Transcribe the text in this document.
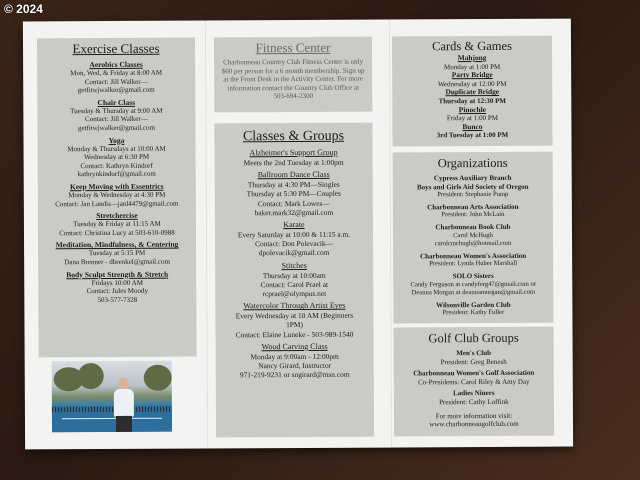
© 2024
Exercise Classes
Aerobics Classes
Mon, Wed, & Friday at 8:00 AM
Contact: Jill Walker—
getfitwjwalker@gmail.com
Chair Class
Tuesday & Thursday at 9:00 AM
Contact: Jill Walker—
getfitwjwalker@gmail.com
Yoga
Monday & Thursdays at 10:00 AM
Wednesday at 6:30 PM
Contact: Kathryn Kindorf
kathrynkindorf@gmail.com
Keep Moving with Essentrics
Monday & Wednesday at 4:30 PM
Contact: Jan Landis—janl4479@gmail.com
Stretchercise
Tuesday & Friday at 11:15 AM
Contact: Christina Lucy at 503-610-0988
Meditation, Mindfulness, & Centering
Tuesday at 5:15 PM
Dana Brenner - dbrenkel@gmail.com
Body Sculpt Strength & Stretch
Fridays 10:00 AM
Contact: Jules Moody
503-577-7328
Fitness Center
Charbonneau Country Club Fitness Center is only $60 per person for a 6 month membership. Sign up at the Front Desk in the Activity Center. For more information contact the Country Club Office at 503-694-2300
Classes & Groups
Alzheimer's Support Group
Meets the 2nd Tuesday at 1:00pm
Ballroom Dance Class
Thursday at 4:30 PM—Singles
Thursday at 5:30 PM—Couples
Contact: Mark Lowes—
baker.mark32@gmail.com
Karate
Every Saturday at 10:00 & 11:15 a.m.
Contact: Don Polevacik—
dpolevacik@gmail.com
Stitches
Thursday at 10:00am
Contact: Carol Prael at
rcprael@olympus.net
Watercolor Through Artist Eyes
Every Wednesday at 10 AM (Beginners
1PM)
Contact: Elaine Luneke - 503-989-1540
Wood Carving Class
Monday at 9:00am - 12:00pm
Nancy Girard, Instructor
971-219-9231 or sngirard@msn.com
Cards & Games
Mahjong
Monday at 1:00 PM
Party Bridge
Wednesday at 12:00 PM
Duplicate Bridge
Thursday at 12:30 PM
Pinochle
Friday at 1:00 PM
Bunco
3rd Tuesday at 1:00 PM
Organizations
Cypress Auxiliary Branch
Boys and Girls Aid Society of Oregon
President: Stephanie Pump
Charbonneau Arts Association
President: John McLain
Charbonneau Book Club
Carol McHugh
carolcmchugh@hotmail.com
Charbonneau Women's Association
President: Lynda Huber Marshall
SOLO Sisters
Candy Ferguson at candyferg47@gmail.com or
Deanna Morgan at deannamorgan@gmail.com
Wilsonville Garden Club
President: Kathy Fuller
Golf Club Groups
Men's Club
President: Greg Benesh
Charbonneau Women's Golf Association
Co-Presidents: Carol Riley & Amy Day
Ladies Niners
President: Cathy Loffink
For more information visit:
www.charbonneaugolfclub.com
